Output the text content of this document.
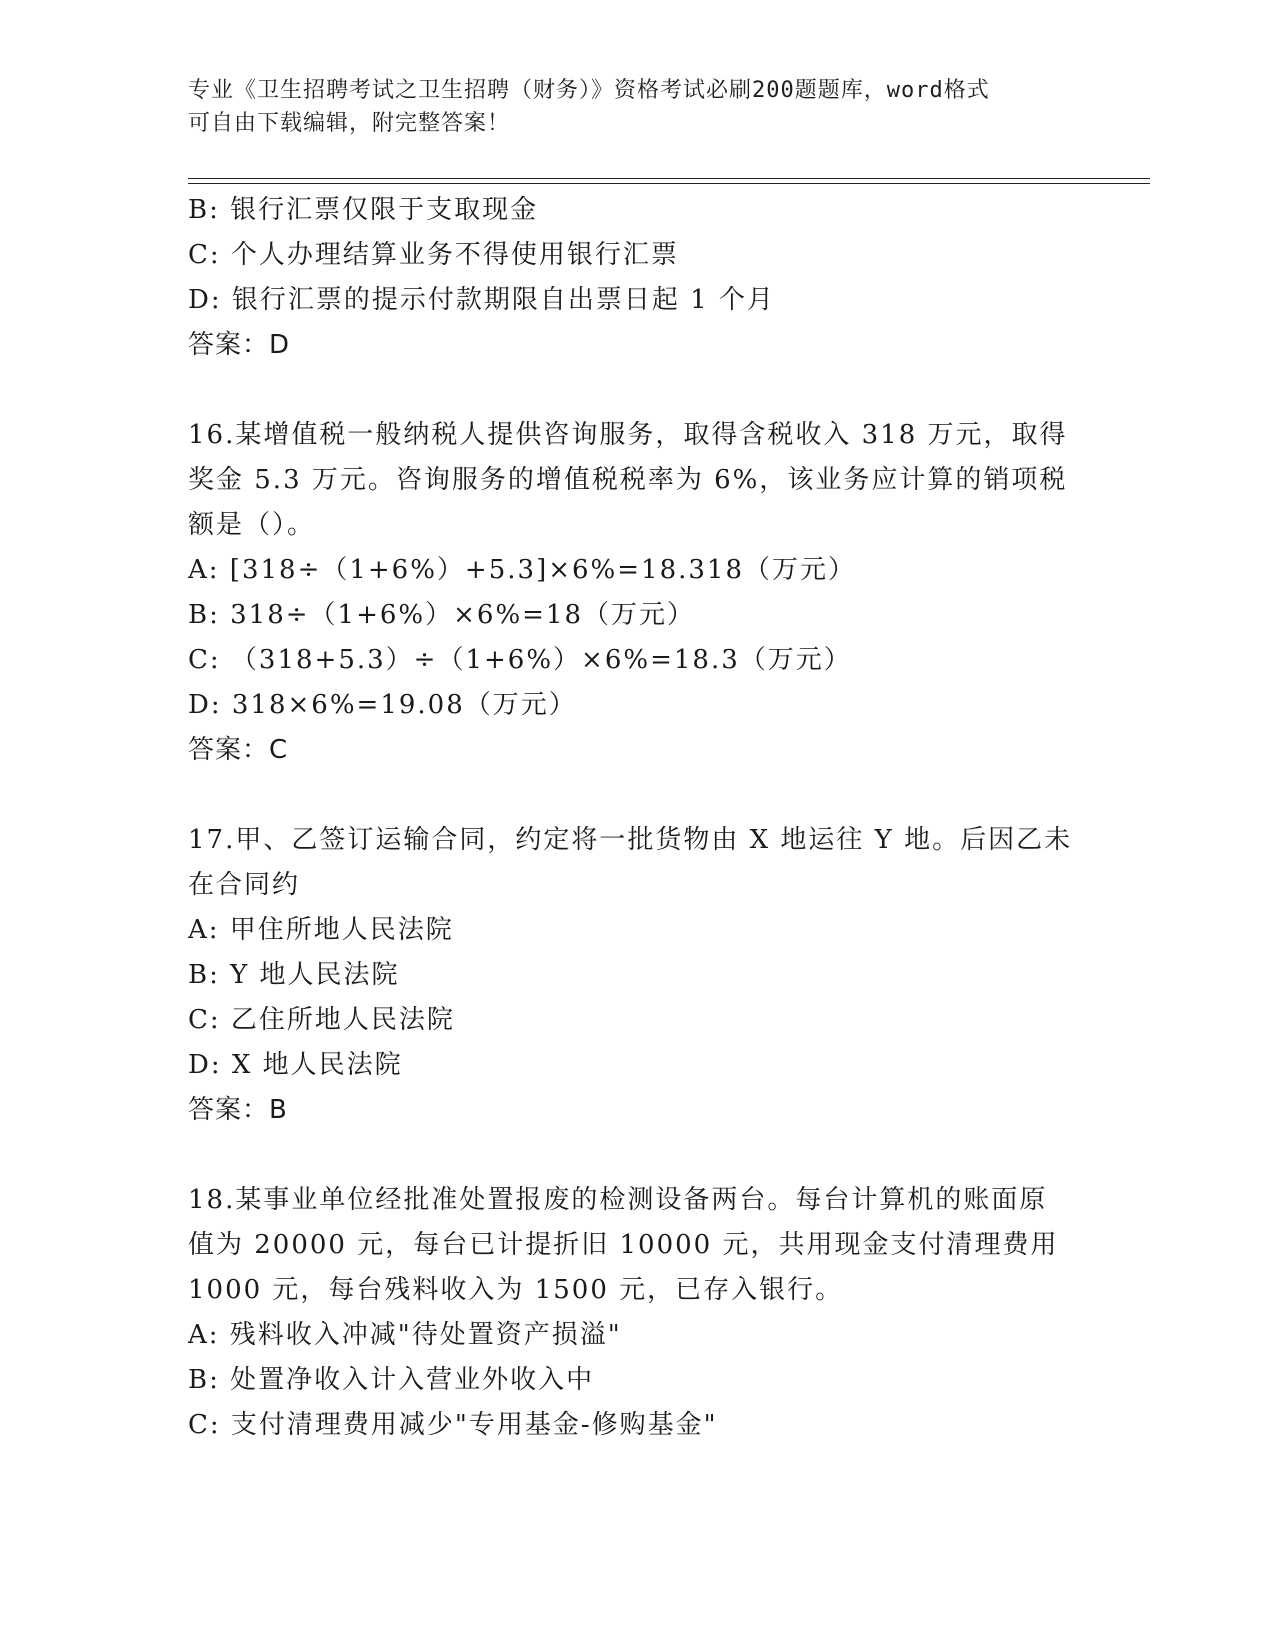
专业《卫生招聘考试之卫生招聘（财务）》资格考试必刷200题题库，word格式
可自由下载编辑，附完整答案！
B: 银行汇票仅限于支取现金
C: 个人办理结算业务不得使用银行汇票
D: 银行汇票的提示付款期限自出票日起 1 个月
答案：D
16.某增值税一般纳税人提供咨询服务，取得含税收入 318 万元，取得
奖金 5.3 万元。咨询服务的增值税税率为 6%，该业务应计算的销项税
额是（）。
A: [318÷（1+6%）+5.3]×6%=18.318（万元）
B: 318÷（1+6%）×6%=18（万元）
C: （318+5.3）÷（1+6%）×6%=18.3（万元）
D: 318×6%=19.08（万元）
答案：C
17.甲、乙签订运输合同，约定将一批货物由 X 地运往 Y 地。后因乙未
在合同约
A: 甲住所地人民法院
B: Y 地人民法院
C: 乙住所地人民法院
D: X 地人民法院
答案：B
18.某事业单位经批准处置报废的检测设备两台。每台计算机的账面原
值为 20000 元，每台已计提折旧 10000 元，共用现金支付清理费用
1000 元，每台残料收入为 1500 元，已存入银行。
A: 残料收入冲减"待处置资产损溢"
B: 处置净收入计入营业外收入中
C: 支付清理费用减少"专用基金-修购基金"
